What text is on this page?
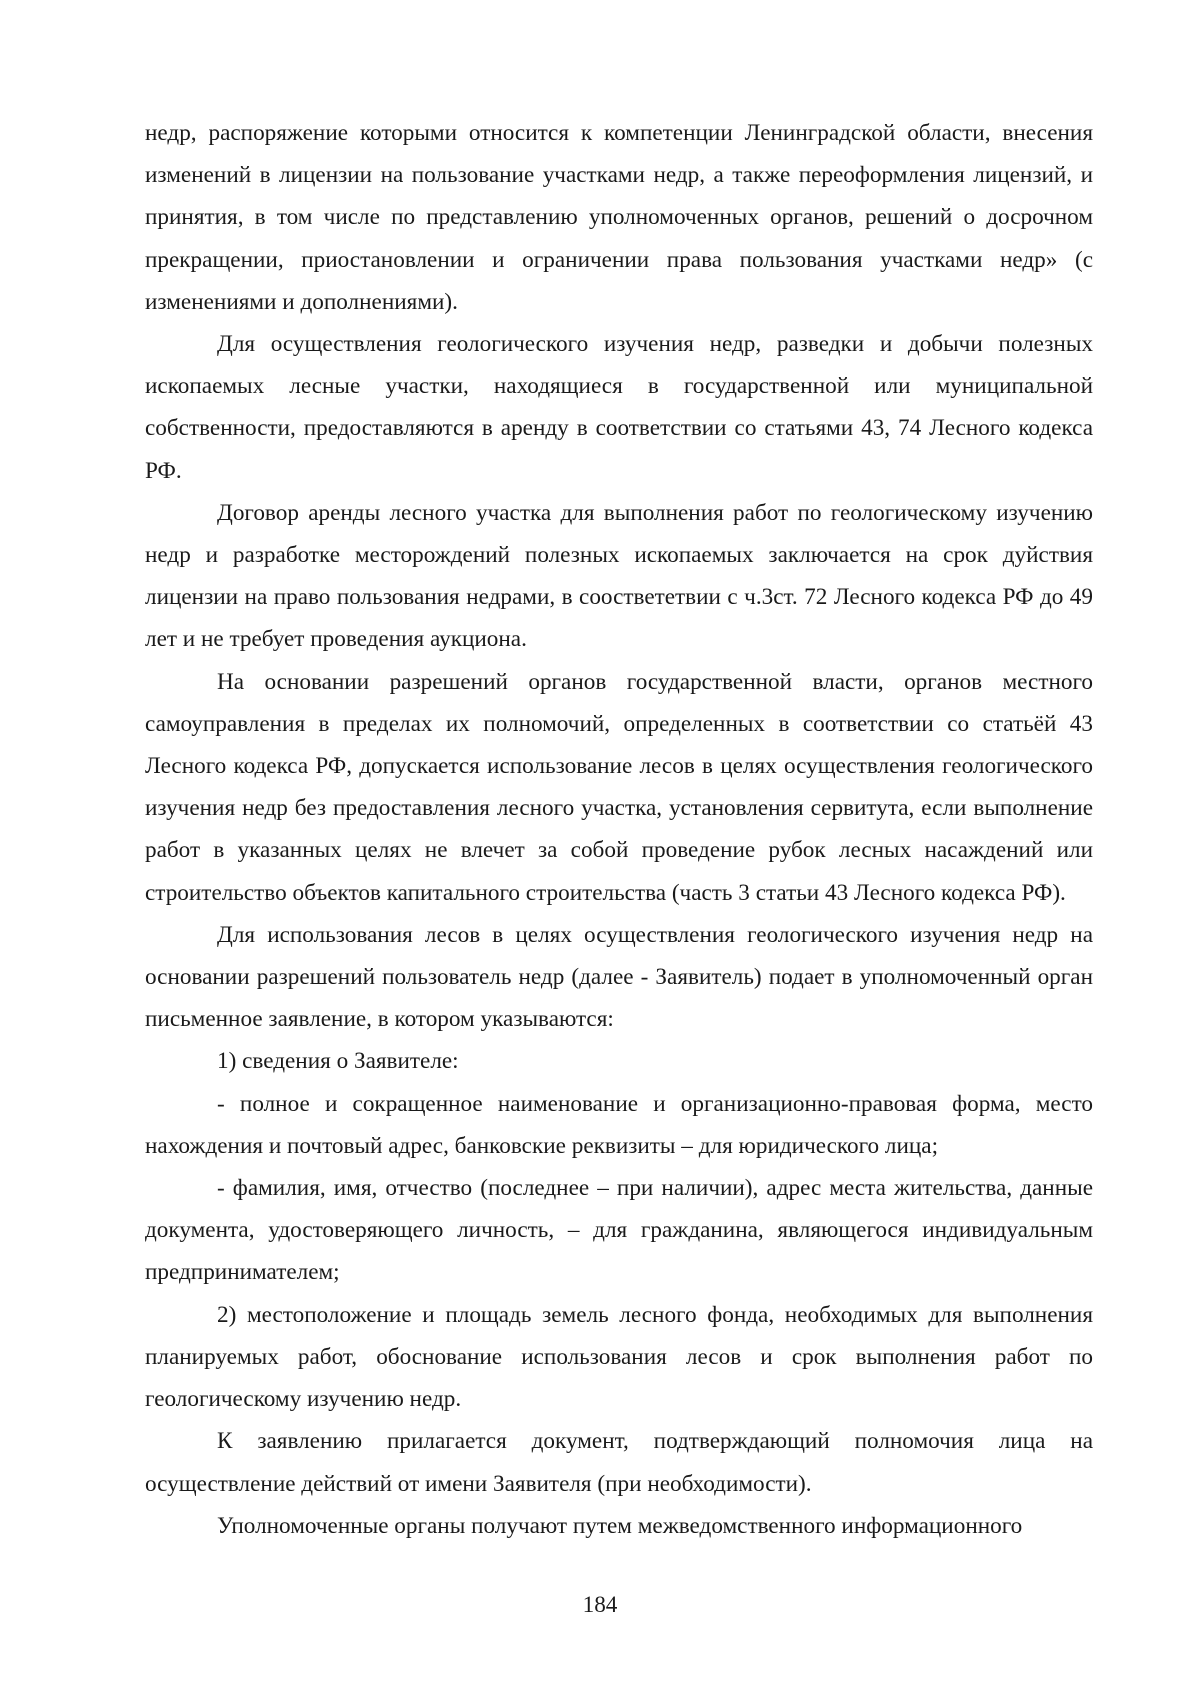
недр, распоряжение которыми относится к компетенции Ленинградской области, внесения изменений в лицензии на пользование участками недр, а также переоформления лицензий, и принятия, в том числе по представлению уполномоченных органов, решений о досрочном прекращении, приостановлении и ограничении права пользования участками недр» (с изменениями и дополнениями).

Для осуществления геологического изучения недр, разведки и добычи полезных ископаемых лесные участки, находящиеся в государственной или муниципальной собственности, предоставляются в аренду в соответствии со статьями 43, 74 Лесного кодекса РФ.

Договор аренды лесного участка для выполнения работ по геологическому изучению недр и разработке месторождений полезных ископаемых заключается на срок дуйствия лицензии на право пользования недрами, в сооствететвии с ч.3ст. 72 Лесного кодекса РФ до 49 лет и не требует проведения аукциона.

На основании разрешений органов государственной власти, органов местного самоуправления в пределах их полномочий, определенных в соответствии со статьёй 43 Лесного кодекса РФ, допускается использование лесов в целях осуществления геологического изучения недр без предоставления лесного участка, установления сервитута, если выполнение работ в указанных целях не влечет за собой проведение рубок лесных насаждений или строительство объектов капитального строительства (часть 3 статьи 43 Лесного кодекса РФ).

Для использования лесов в целях осуществления геологического изучения недр на основании разрешений пользователь недр (далее - Заявитель) подает в уполномоченный орган письменное заявление, в котором указываются:

1) сведения о Заявителе:

- полное и сокращенное наименование и организационно-правовая форма, место нахождения и почтовый адрес, банковские реквизиты – для юридического лица;

- фамилия, имя, отчество (последнее – при наличии), адрес места жительства, данные документа, удостоверяющего личность, – для гражданина, являющегося индивидуальным предпринимателем;

2) местоположение и площадь земель лесного фонда, необходимых для выполнения планируемых работ, обоснование использования лесов и срок выполнения работ по геологическому изучению недр.

К заявлению прилагается документ, подтверждающий полномочия лица на осуществление действий от имени Заявителя (при необходимости).

Уполномоченные органы получают путем межведомственного информационного

184
